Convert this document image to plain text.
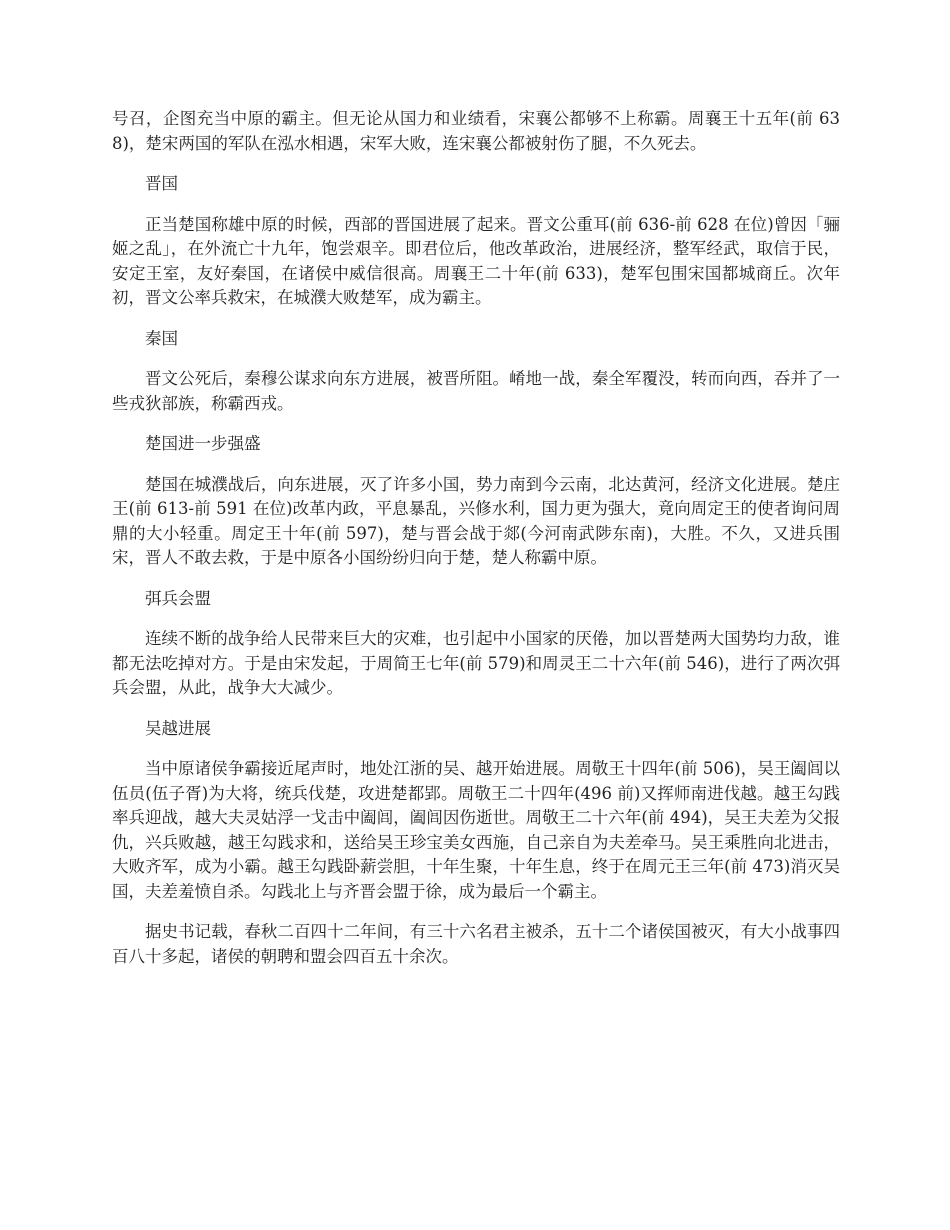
号召，企图充当中原的霸主。但无论从国力和业绩看，宋襄公都够不上称霸。周襄王十五年(前 638)，楚宋两国的军队在泓水相遇，宋军大败，连宋襄公都被射伤了腿，不久死去。

晋国

正当楚国称雄中原的时候，西部的晋国进展了起来。晋文公重耳(前 636-前 628 在位)曾因「骊姬之乱」，在外流亡十九年，饱尝艰辛。即君位后，他改革政治，进展经济，整军经武，取信于民，安定王室，友好秦国，在诸侯中威信很高。周襄王二十年(前 633)，楚军包围宋国都城商丘。次年初，晋文公率兵救宋，在城濮大败楚军，成为霸主。

秦国

晋文公死后，秦穆公谋求向东方进展，被晋所阻。崤地一战，秦全军覆没，转而向西，吞并了一些戎狄部族，称霸西戎。

楚国进一步强盛

楚国在城濮战后，向东进展，灭了许多小国，势力南到今云南，北达黄河，经济文化进展。楚庄王(前 613-前 591 在位)改革内政，平息暴乱，兴修水利，国力更为强大，竟向周定王的使者询问周鼎的大小轻重。周定王十年(前 597)，楚与晋会战于郯(今河南武陟东南)，大胜。不久，又进兵围宋，晋人不敢去救，于是中原各小国纷纷归向于楚，楚人称霸中原。

弭兵会盟

连续不断的战争给人民带来巨大的灾难，也引起中小国家的厌倦，加以晋楚两大国势均力敌，谁都无法吃掉对方。于是由宋发起，于周简王七年(前 579)和周灵王二十六年(前 546)，进行了两次弭兵会盟，从此，战争大大减少。

吴越进展

当中原诸侯争霸接近尾声时，地处江浙的吴、越开始进展。周敬王十四年(前 506)，吴王阖闾以伍员(伍子胥)为大将，统兵伐楚，攻进楚都郢。周敬王二十四年(496 前)又挥师南进伐越。越王勾践率兵迎战，越大夫灵姑浮一戈击中阖闾，阖闾因伤逝世。周敬王二十六年(前 494)，吴王夫差为父报仇，兴兵败越，越王勾践求和，送给吴王珍宝美女西施，自己亲自为夫差牵马。吴王乘胜向北进击，大败齐军，成为小霸。越王勾践卧薪尝胆，十年生聚，十年生息，终于在周元王三年(前 473)消灭吴国，夫差羞愤自杀。勾践北上与齐晋会盟于徐，成为最后一个霸主。

据史书记载，春秋二百四十二年间，有三十六名君主被杀，五十二个诸侯国被灭，有大小战事四百八十多起，诸侯的朝聘和盟会四百五十余次。
